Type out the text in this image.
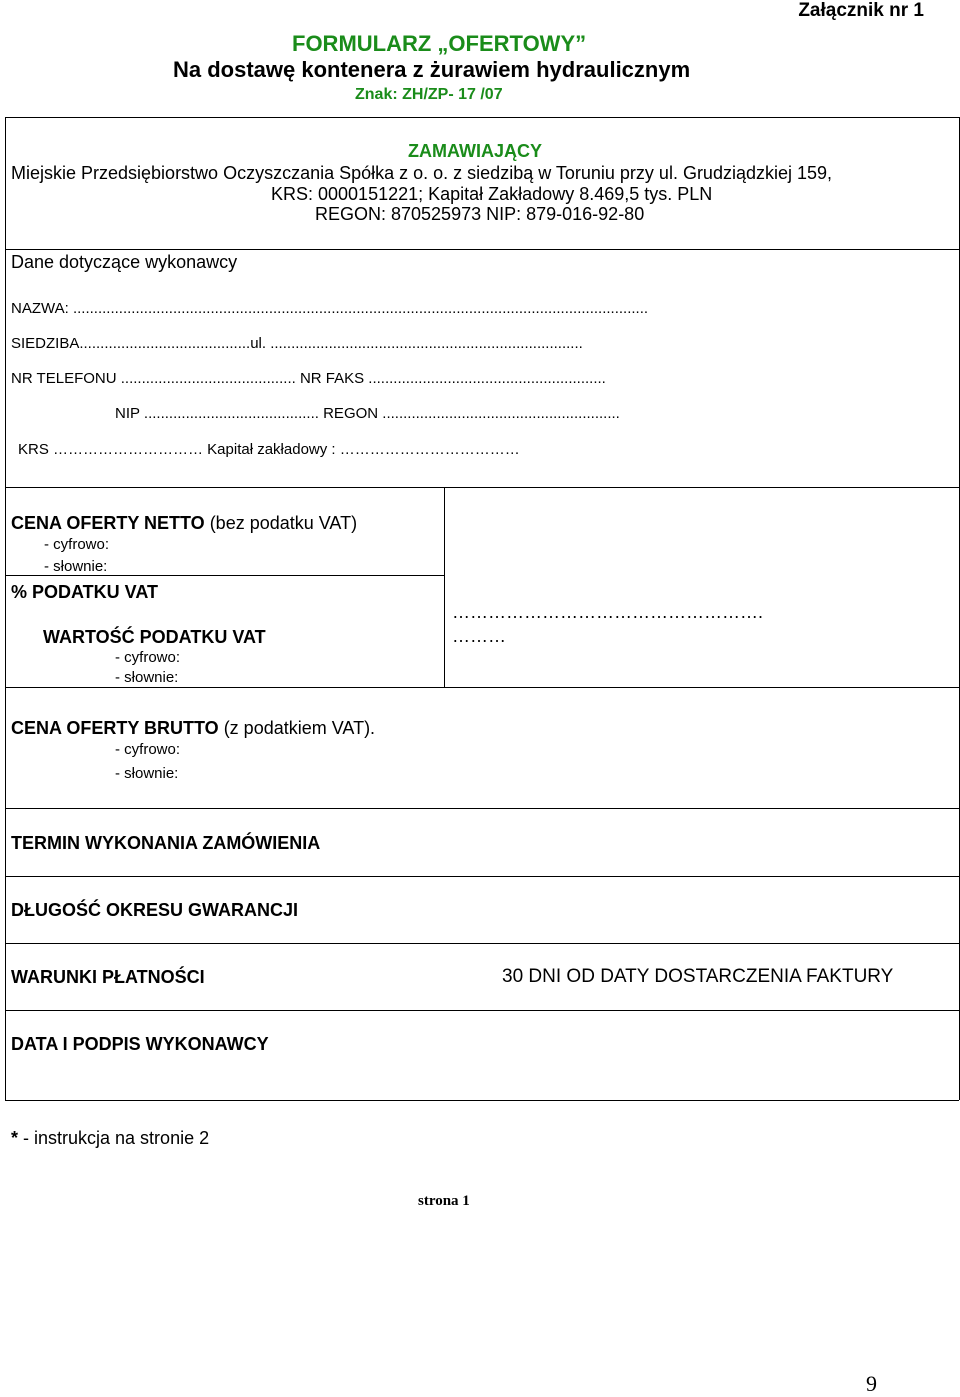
Załącznik nr 1
FORMULARZ „OFERTOWY”
Na dostawę kontenera z żurawiem hydraulicznym
Znak: ZH/ZP- 17 /07
ZAMAWIAJĄCY
Miejskie Przedsiębiorstwo Oczyszczania Spółka z o. o. z siedzibą w Toruniu przy ul. Grudziądzkiej 159,
KRS: 0000151221; Kapitał Zakładowy 8.469,5 tys. PLN
REGON: 870525973 NIP: 879-016-92-80
Dane dotyczące wykonawcy
NAZWA: ..........................................................................................................................................
SIEDZIBA.........................................ul. ...........................................................................
NR TELEFONU .......................................... NR FAKS .........................................................
NIP .......................................... REGON .........................................................
KRS ………………………… Kapitał zakładowy : ………………………………
CENA OFERTY NETTO (bez podatku VAT)
- cyfrowo:
- słownie:
% PODATKU VAT
WARTOŚĆ PODATKU VAT
- cyfrowo:
- słownie:
…………………………………………….
………
CENA OFERTY BRUTTO (z podatkiem VAT).
- cyfrowo:
- słownie:
TERMIN WYKONANIA ZAMÓWIENIA
DŁUGOŚĆ OKRESU GWARANCJI
WARUNKI PŁATNOŚCI	30 DNI OD DATY DOSTARCZENIA FAKTURY
DATA I PODPIS WYKONAWCY
* - instrukcja na stronie 2
strona 1
9
